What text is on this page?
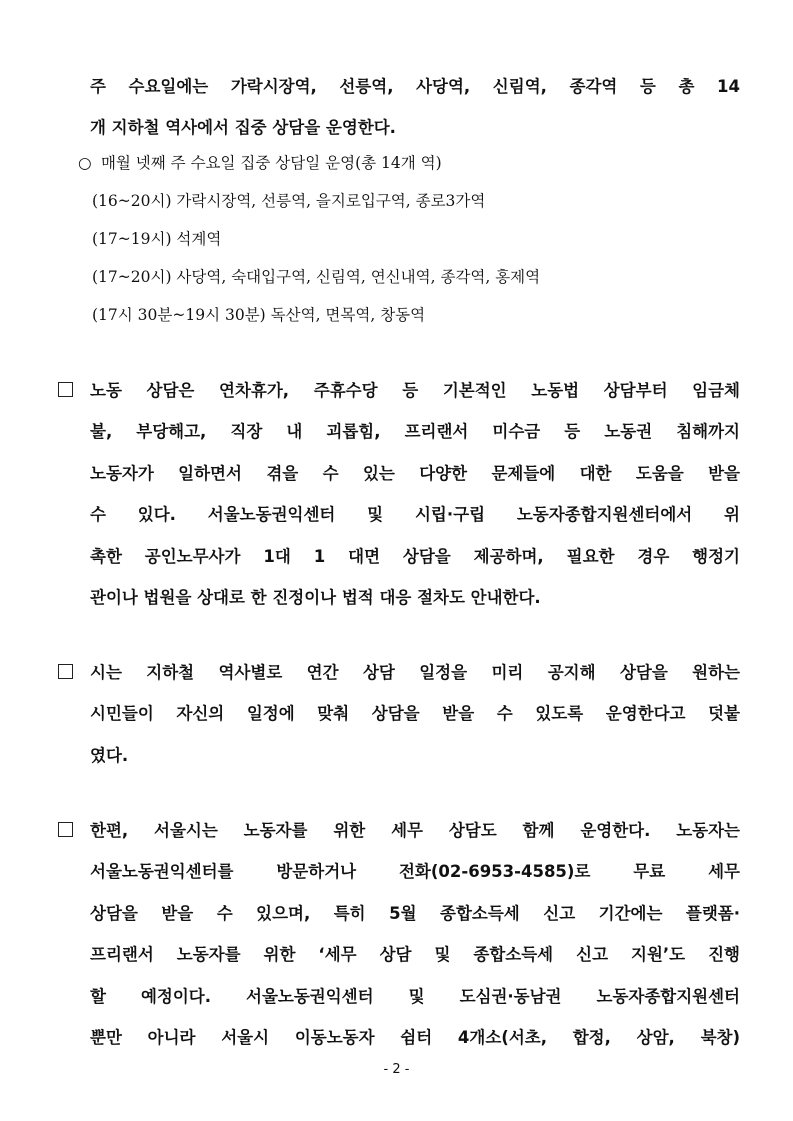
주 수요일에는 가락시장역, 선릉역, 사당역, 신림역, 종각역 등 총 14

개 지하철 역사에서 집중 상담을 운영한다.

○ 매월 넷째 주 수요일 집중 상담일 운영(총 14개 역)
(16~20시) 가락시장역, 선릉역, 을지로입구역, 종로3가역
(17~19시) 석계역
(17~20시) 사당역, 숙대입구역, 신림역, 연신내역, 종각역, 홍제역
(17시 30분~19시 30분) 독산역, 면목역, 창동역

노동 상담은 연차휴가, 주휴수당 등 기본적인 노동법 상담부터 임금체

불, 부당해고, 직장 내 괴롭힘, 프리랜서 미수금 등 노동권 침해까지

노동자가 일하면서 겪을 수 있는 다양한 문제들에 대한 도움을 받을

수 있다. 서울노동권익센터 및 시립·구립 노동자종합지원센터에서 위

촉한 공인노무사가 1대 1 대면 상담을 제공하며, 필요한 경우 행정기

관이나 법원을 상대로 한 진정이나 법적 대응 절차도 안내한다.

시는 지하철 역사별로 연간 상담 일정을 미리 공지해 상담을 원하는

시민들이 자신의 일정에 맞춰 상담을 받을 수 있도록 운영한다고 덧붙

였다.

한편, 서울시는 노동자를 위한 세무 상담도 함께 운영한다. 노동자는

서울노동권익센터를 방문하거나 전화(02-6953-4585)로 무료 세무

상담을 받을 수 있으며, 특히 5월 종합소득세 신고 기간에는 플랫폼·

프리랜서 노동자를 위한 ‘세무 상담 및 종합소득세 신고 지원’도 진행

할 예정이다. 서울노동권익센터 및 도심권·동남권 노동자종합지원센터

뿐만 아니라 서울시 이동노동자 쉼터 4개소(서초, 합정, 상암, 북창)

- 2 -
